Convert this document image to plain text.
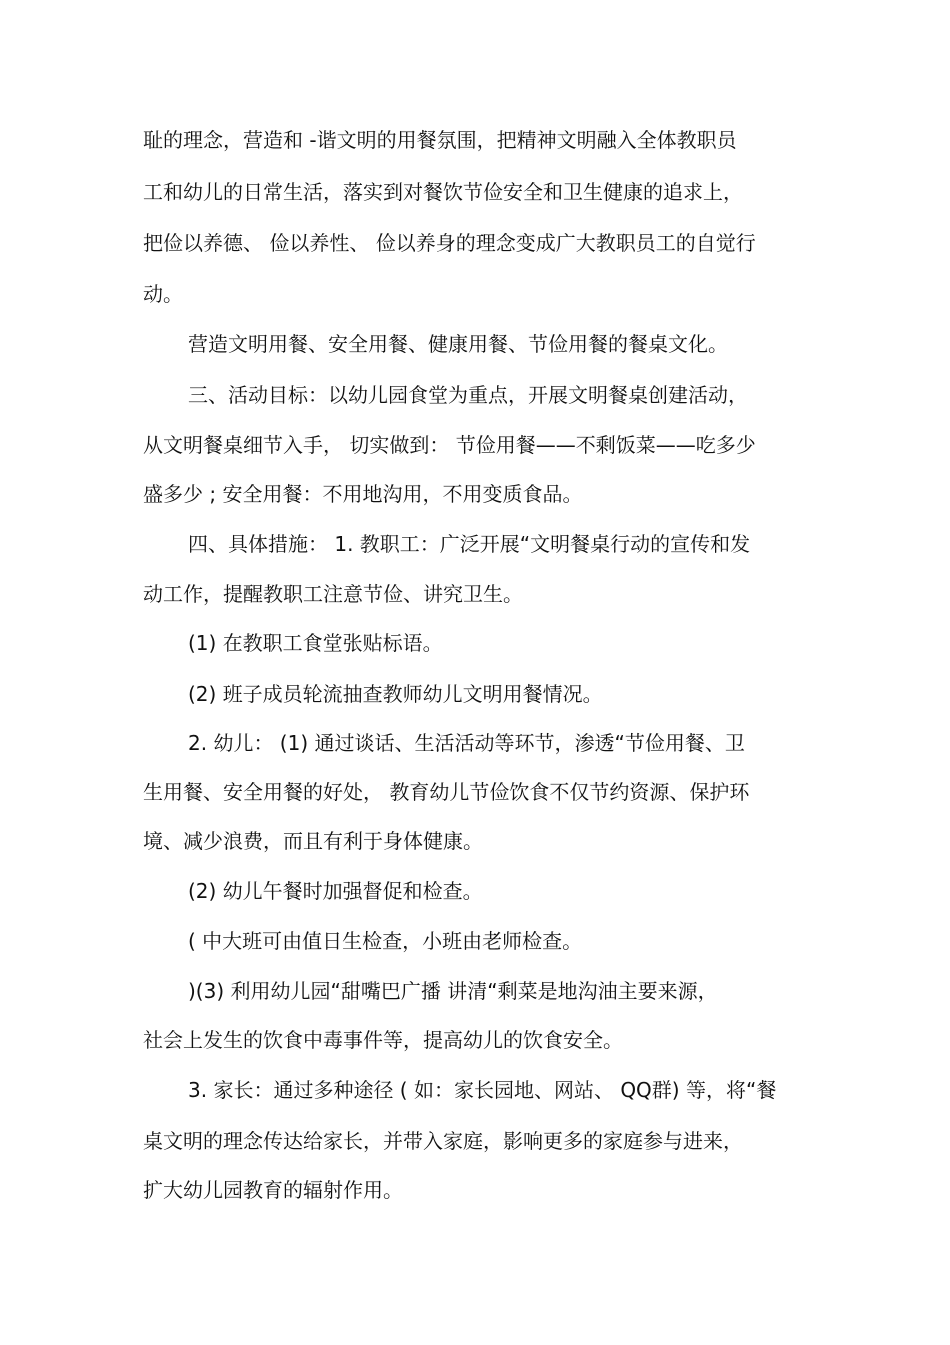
耻的理念，营造和 -谐文明的用餐氛围，把精神文明融入全体教职员
工和幼儿的日常生活，落实到对餐饮节俭安全和卫生健康的追求上，
把俭以养德、 俭以养性、 俭以养身的理念变成广大教职员工的自觉行
动。
营造文明用餐、安全用餐、健康用餐、节俭用餐的餐桌文化。
三、活动目标：以幼儿园食堂为重点，开展文明餐桌创建活动，
从文明餐桌细节入手， 切实做到： 节俭用餐——不剩饭菜——吃多少
盛多少 ; 安全用餐：不用地沟用，不用变质食品。
四、具体措施： 1. 教职工：广泛开展“文明餐桌行动的宣传和发
动工作，提醒教职工注意节俭、讲究卫生。
(1) 在教职工食堂张贴标语。
(2) 班子成员轮流抽查教师幼儿文明用餐情况。
2. 幼儿： (1) 通过谈话、生活活动等环节，渗透“节俭用餐、卫
生用餐、安全用餐的好处， 教育幼儿节俭饮食不仅节约资源、保护环
境、减少浪费，而且有利于身体健康。
(2) 幼儿午餐时加强督促和检查。
( 中大班可由值日生检查，小班由老师检查。
)(3) 利用幼儿园“甜嘴巴广播 讲清“剩菜是地沟油主要来源，
社会上发生的饮食中毒事件等，提高幼儿的饮食安全。
3. 家长：通过多种途径 ( 如：家长园地、网站、 QQ群) 等，将“餐
桌文明的理念传达给家长，并带入家庭，影响更多的家庭参与进来，
扩大幼儿园教育的辐射作用。
